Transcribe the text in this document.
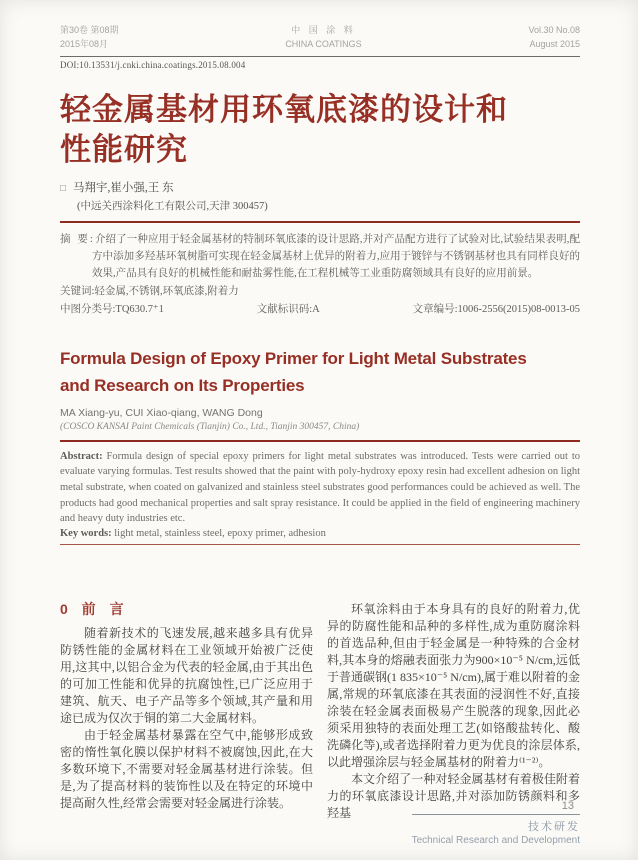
第30卷 第08期
2015年08月
中 国 涂 料
CHINA COATINGS
Vol.30 No.08
August 2015
DOI:10.13531/j.cnki.china.coatings.2015.08.004
轻金属基材用环氧底漆的设计和性能研究
□ 马翔宇,崔小强,王 东
(中远关西涂料化工有限公司,天津 300457)
摘 要:介绍了一种应用于轻金属基材的特制环氧底漆的设计思路,并对产品配方进行了试验对比,试验结果表明,配方中添加多羟基环氧树脂可实现在轻金属基材上优异的附着力,应用于镀锌与不锈钢基材也具有同样良好的效果,产品具有良好的机械性能和耐盐雾性能,在工程机械等工业重防腐领域具有良好的应用前景。
关键词:轻金属,不锈钢,环氧底漆,附着力
中图分类号:TQ630.7⁺1	文献标识码:A	文章编号:1006-2556(2015)08-0013-05
Formula Design of Epoxy Primer for Light Metal Substrates
and Research on Its Properties
MA Xiang-yu, CUI Xiao-qiang, WANG Dong
(COSCO KANSAI Paint Chemicals (Tianjin) Co., Ltd., Tianjin 300457, China)
Abstract: Formula design of special epoxy primers for light metal substrates was introduced. Tests were carried out to evaluate varying formulas. Test results showed that the paint with poly-hydroxy epoxy resin had excellent adhesion on light metal substrate, when coated on galvanized and stainless steel substrates good performances could be achieved as well. The products had good mechanical properties and salt spray resistance. It could be applied in the field of engineering machinery and heavy duty industries etc.
Key words: light metal, stainless steel, epoxy primer, adhesion
0 前 言

随着新技术的飞速发展,越来越多具有优异防锈性能的金属材料在工业领域开始被广泛使用,这其中,以铝合金为代表的轻金属,由于其出色的可加工性能和优异的抗腐蚀性,已广泛应用于建筑、航天、电子产品等多个领域,其产量和用途已成为仅次于铜的第二大金属材料。

由于轻金属基材暴露在空气中,能够形成致密的惰性氧化膜以保护材料不被腐蚀,因此,在大多数环境下,不需要对轻金属基材进行涂装。但是,为了提高材料的装饰性以及在特定的环境中提高耐久性,经常会需要对轻金属进行涂装。

环氧涂料由于本身具有的良好的附着力,优异的防腐性能和品种的多样性,成为重防腐涂料的首选品种,但由于轻金属是一种特殊的合金材料,其本身的熔融表面张力为900×10⁻⁵ N/cm,远低于普通碳钢(1 835×10⁻⁵ N/cm),属于难以附着的金属,常规的环氧底漆在其表面的浸润性不好,直接涂装在轻金属表面极易产生脱落的现象,因此必须采用独特的表面处理工艺(如铬酸盐转化、酸洗磷化等),或者选择附着力更为优良的涂层体系,以此增强涂层与轻金属基材的附着力⁽¹⁻²⁾。

本文介绍了一种对轻金属基材有着极佳附着力的环氧底漆设计思路,并对添加防锈颜料和多羟基	13
技术研发
Technical Research and Development
